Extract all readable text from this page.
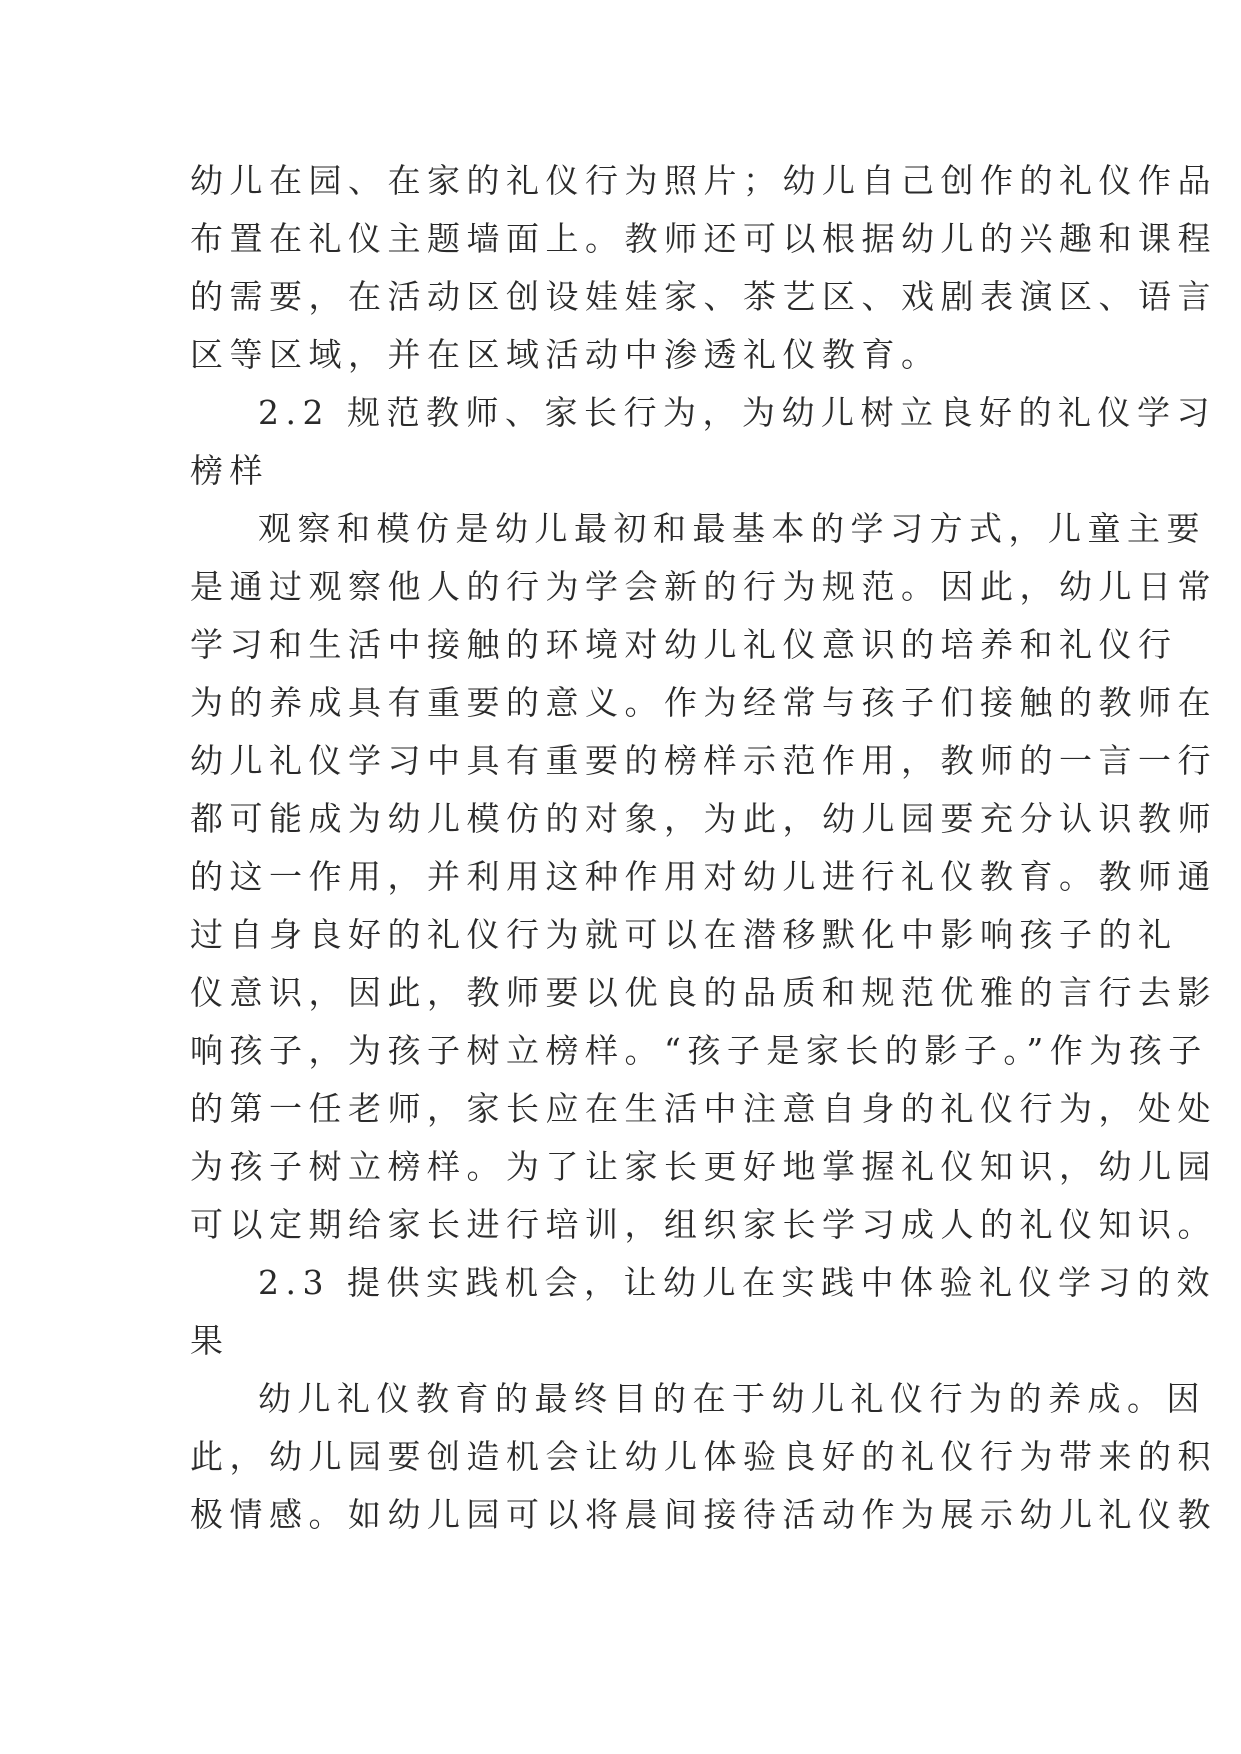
幼儿在园、在家的礼仪行为照片；幼儿自己创作的礼仪作品
布置在礼仪主题墙面上。教师还可以根据幼儿的兴趣和课程
的需要，在活动区创设娃娃家、茶艺区、戏剧表演区、语言
区等区域，并在区域活动中渗透礼仪教育。
2.2 规范教师、家长行为，为幼儿树立良好的礼仪学习
榜样
观察和模仿是幼儿最初和最基本的学习方式，儿童主要
是通过观察他人的行为学会新的行为规范。因此，幼儿日常
学习和生活中接触的环境对幼儿礼仪意识的培养和礼仪行
为的养成具有重要的意义。作为经常与孩子们接触的教师在
幼儿礼仪学习中具有重要的榜样示范作用，教师的一言一行
都可能成为幼儿模仿的对象，为此，幼儿园要充分认识教师
的这一作用，并利用这种作用对幼儿进行礼仪教育。教师通
过自身良好的礼仪行为就可以在潜移默化中影响孩子的礼
仪意识，因此，教师要以优良的品质和规范优雅的言行去影
响孩子，为孩子树立榜样。“孩子是家长的影子。”作为孩子
的第一任老师，家长应在生活中注意自身的礼仪行为，处处
为孩子树立榜样。为了让家长更好地掌握礼仪知识，幼儿园
可以定期给家长进行培训，组织家长学习成人的礼仪知识。
2.3 提供实践机会，让幼儿在实践中体验礼仪学习的效
果
幼儿礼仪教育的最终目的在于幼儿礼仪行为的养成。因
此，幼儿园要创造机会让幼儿体验良好的礼仪行为带来的积
极情感。如幼儿园可以将晨间接待活动作为展示幼儿礼仪教
